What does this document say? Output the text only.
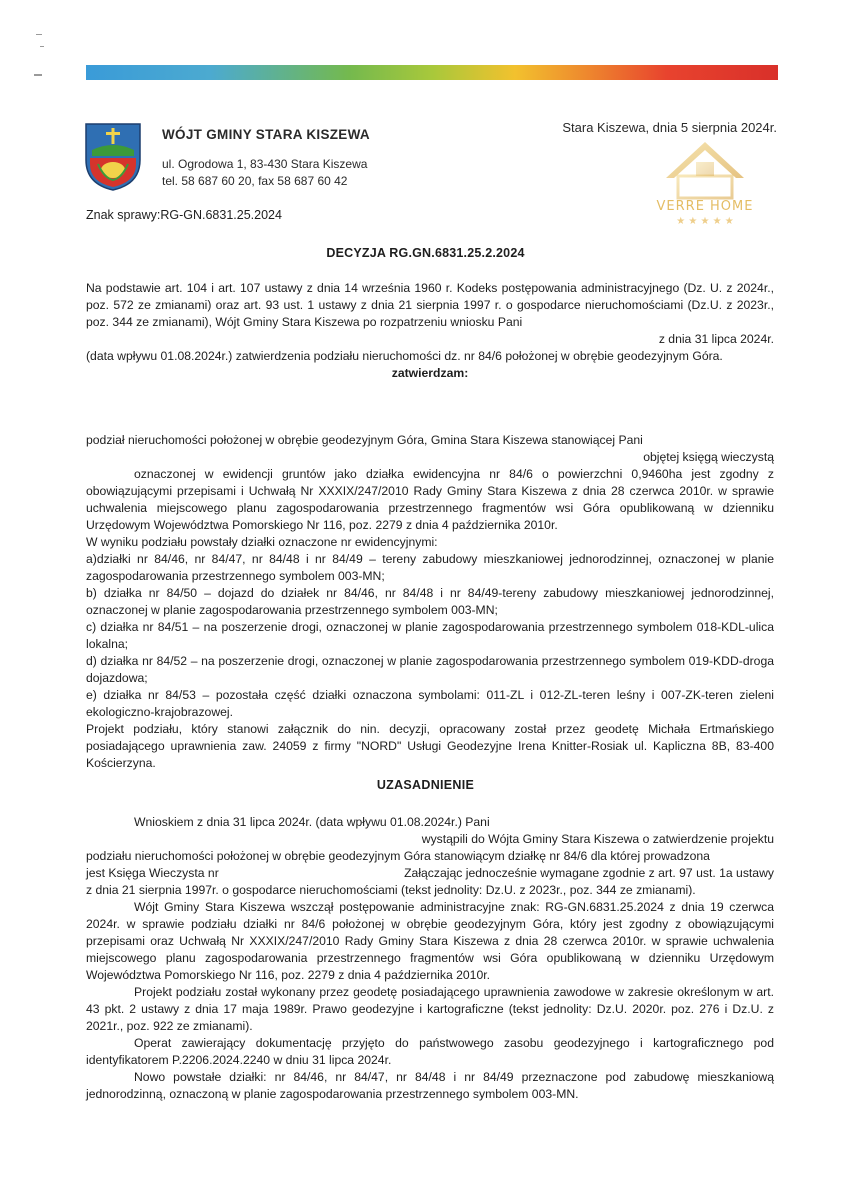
WÓJT GMINY STARA KISZEWA
ul. Ogrodowa 1, 83-430 Stara Kiszewa
tel. 58 687 60 20, fax 58 687 60 42
Stara Kiszewa, dnia 5 sierpnia 2024r.
VERRE HOME
★ ★ ★ ★ ★
Znak sprawy:RG-GN.6831.25.2024
DECYZJA RG.GN.6831.25.2.2024

Na podstawie art. 104 i art. 107 ustawy z dnia 14 września 1960 r. Kodeks postępowania administracyjnego (Dz. U. z 2024r., poz. 572 ze zmianami) oraz art. 93 ust. 1 ustawy z dnia 21 sierpnia 1997 r. o gospodarce nieruchomościami (Dz.U. z 2023r., poz. 344 ze zmianami), Wójt Gminy Stara Kiszewa po rozpatrzeniu wniosku Pani

z dnia 31 lipca 2024r.

(data wpływu 01.08.2024r.) zatwierdzenia podziału nieruchomości dz. nr 84/6 położonej w obrębie geodezyjnym Góra.

zatwierdzam:

podział nieruchomości położonej w obrębie geodezyjnym Góra, Gmina Stara Kiszewa stanowiącej Pani

objętej księgą wieczystą

oznaczonej w ewidencji gruntów jako działka ewidencyjna nr 84/6 o powierzchni 0,9460ha jest zgodny z obowiązującymi przepisami i Uchwałą Nr XXXIX/247/2010 Rady Gminy Stara Kiszewa z dnia 28 czerwca 2010r. w sprawie uchwalenia miejscowego planu zagospodarowania przestrzennego fragmentów wsi Góra opublikowaną w dzienniku Urzędowym Województwa Pomorskiego Nr 116, poz. 2279 z dnia 4 października 2010r.

W wyniku podziału powstały działki oznaczone nr ewidencyjnymi:

a)działki nr 84/46, nr 84/47, nr 84/48 i nr 84/49 – tereny zabudowy mieszkaniowej jednorodzinnej, oznaczonej w planie zagospodarowania przestrzennego symbolem 003-MN;

b) działka nr 84/50 – dojazd do działek nr 84/46, nr 84/48 i nr 84/49-tereny zabudowy mieszkaniowej jednorodzinnej, oznaczonej w planie zagospodarowania przestrzennego symbolem 003-MN;

c) działka nr 84/51 – na poszerzenie drogi, oznaczonej w planie zagospodarowania przestrzennego symbolem 018-KDL-ulica lokalna;

d) działka nr 84/52 – na poszerzenie drogi, oznaczonej w planie zagospodarowania przestrzennego symbolem 019-KDD-droga dojazdowa;

e) działka nr 84/53 – pozostała część działki oznaczona symbolami: 011-ZL i 012-ZL-teren leśny i 007-ZK-teren zieleni ekologiczno-krajobrazowej.

Projekt podziału, który stanowi załącznik do nin. decyzji, opracowany został przez geodetę Michała Ertmańskiego posiadającego uprawnienia zaw. 24059 z firmy "NORD" Usługi Geodezyjne Irena Knitter-Rosiak ul. Kapliczna 8B, 83-400 Kościerzyna.

UZASADNIENIE

Wnioskiem z dnia 31 lipca 2024r. (data wpływu 01.08.2024r.) Pani

wystąpili do Wójta Gminy Stara Kiszewa o zatwierdzenie projektu

podziału nieruchomości położonej w obrębie geodezyjnym Góra stanowiącym działkę nr 84/6 dla której prowadzona

jest Księga Wieczysta nr	Załączając jednocześnie wymagane zgodnie z art. 97 ust. 1a ustawy

z dnia 21 sierpnia 1997r. o gospodarce nieruchomościami (tekst jednolity: Dz.U. z 2023r., poz. 344 ze zmianami).

Wójt Gminy Stara Kiszewa wszczął postępowanie administracyjne znak: RG-GN.6831.25.2024 z dnia 19 czerwca 2024r. w sprawie podziału działki nr 84/6 położonej w obrębie geodezyjnym Góra, który jest zgodny z obowiązującymi przepisami oraz Uchwałą Nr XXXIX/247/2010 Rady Gminy Stara Kiszewa z dnia 28 czerwca 2010r. w sprawie uchwalenia miejscowego planu zagospodarowania przestrzennego fragmentów wsi Góra opublikowaną w dzienniku Urzędowym Województwa Pomorskiego Nr 116, poz. 2279 z dnia 4 października 2010r.

Projekt podziału został wykonany przez geodetę posiadającego uprawnienia zawodowe w zakresie określonym w art. 43 pkt. 2 ustawy z dnia 17 maja 1989r. Prawo geodezyjne i kartograficzne (tekst jednolity: Dz.U. 2020r. poz. 276 i Dz.U. z 2021r., poz. 922 ze zmianami).

Operat zawierający dokumentację przyjęto do państwowego zasobu geodezyjnego i kartograficznego pod identyfikatorem P.2206.2024.2240 w dniu 31 lipca 2024r.

Nowo powstałe działki: nr 84/46, nr 84/47, nr 84/48 i nr 84/49 przeznaczone pod zabudowę mieszkaniową jednorodzinną, oznaczoną w planie zagospodarowania przestrzennego symbolem 003-MN.
